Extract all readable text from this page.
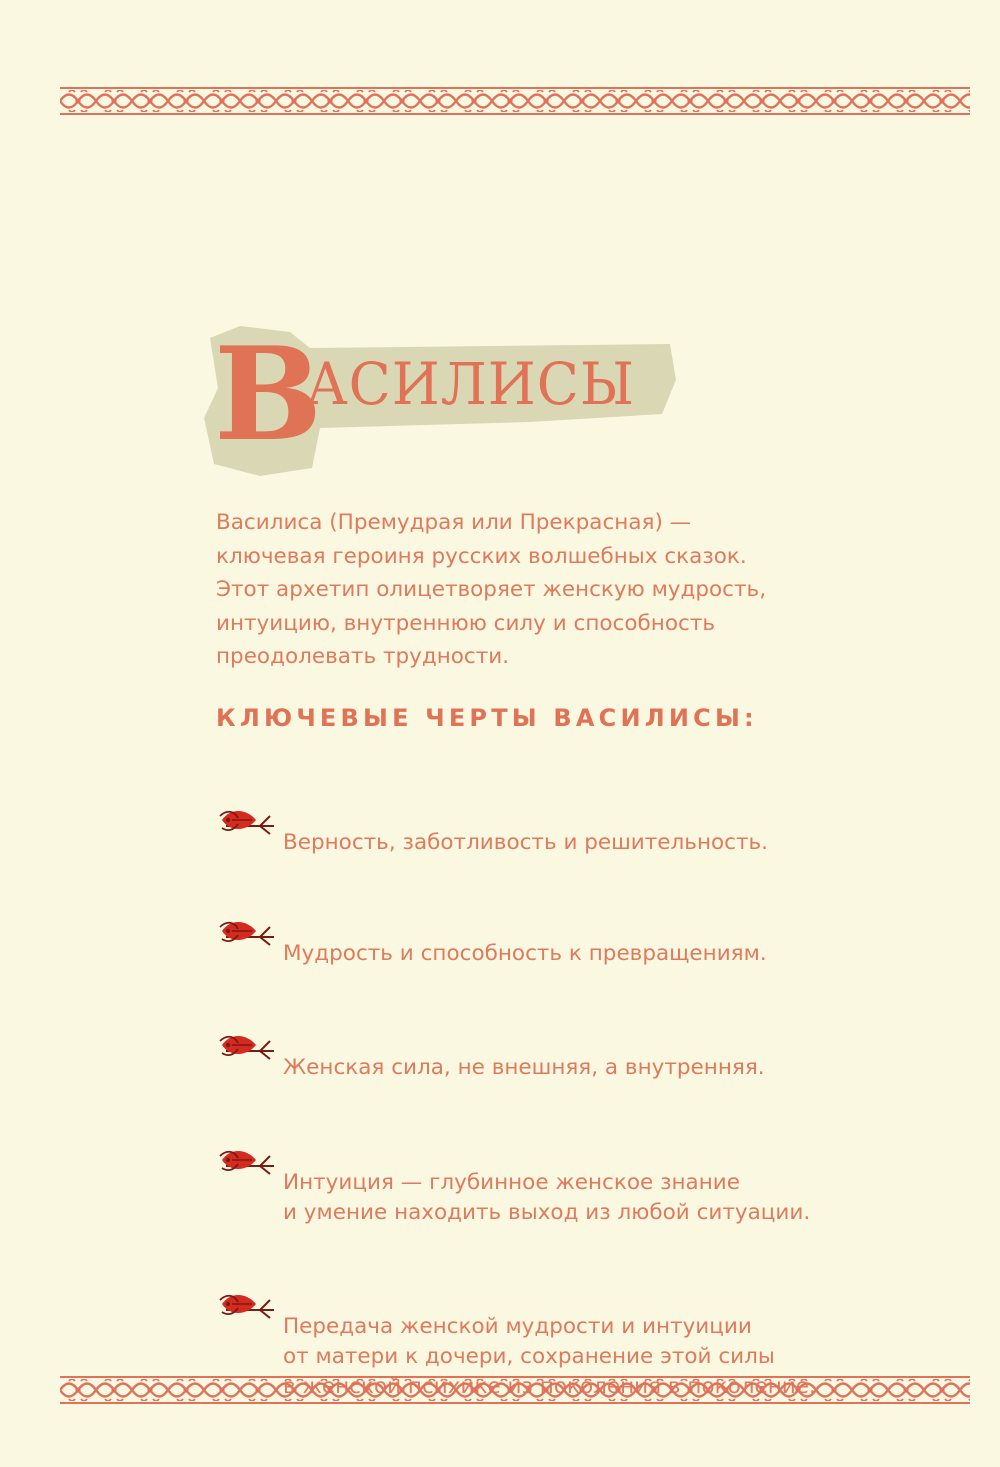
В
АСИЛИСЫ

Василиса (Премудрая или Прекрасная) —
ключевая героиня русских волшебных сказок.
Этот архетип олицетворяет женскую мудрость,
интуицию, внутреннюю силу и способность
преодолевать трудности.

КЛЮЧЕВЫЕ ЧЕРТЫ ВАСИЛИСЫ:

Верность, заботливость и решительность.

Мудрость и способность к превращениям.

Женская сила, не внешняя, а внутренняя.

Интуиция — глубинное женское знание
и умение находить выход из любой ситуации.

Передача женской мудрости и интуиции
от матери к дочери, сохранение этой силы
